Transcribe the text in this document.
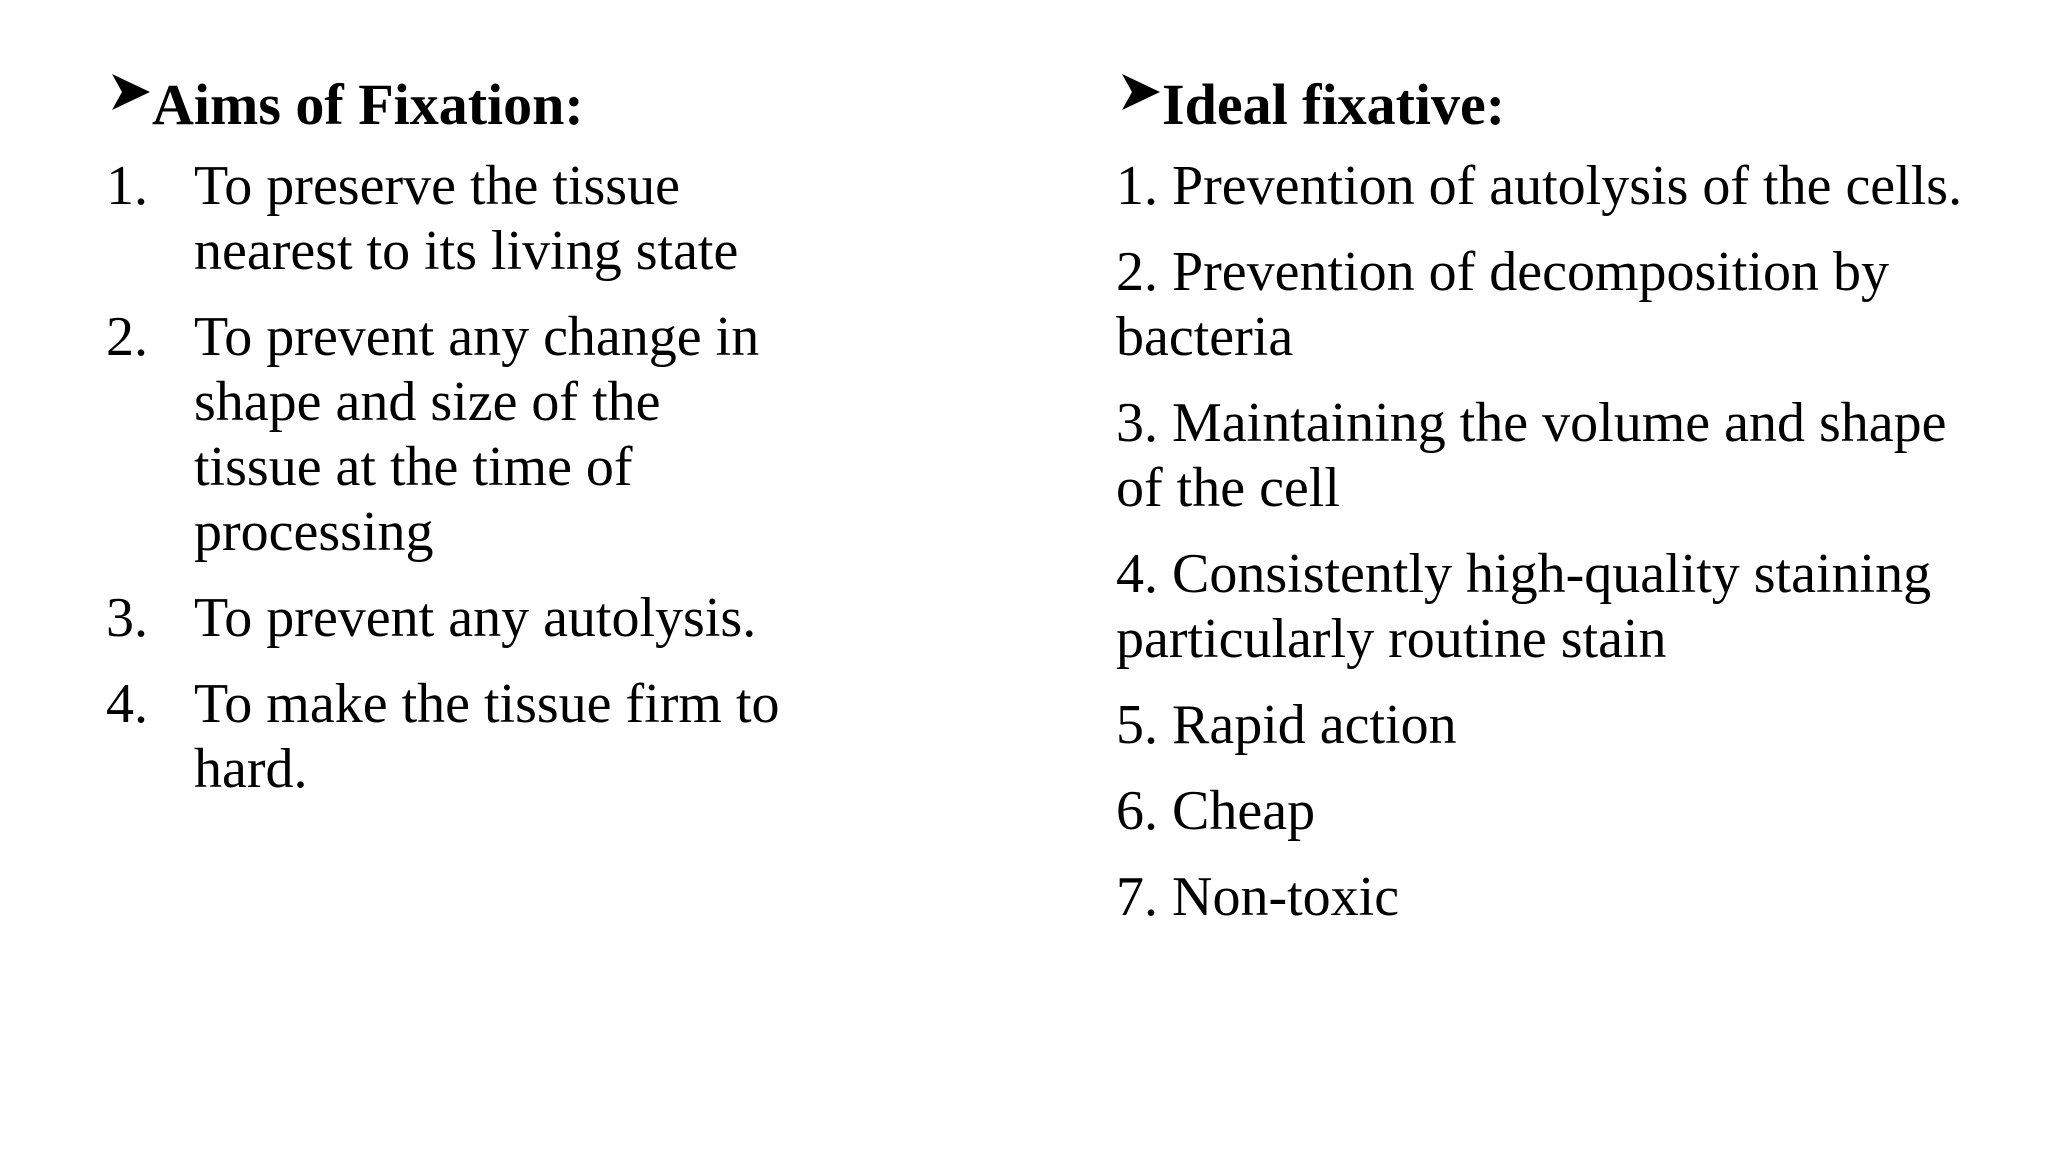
Aims of Fixation:
1. To preserve the tissue nearest to its living state
2. To prevent any change in shape and size of the tissue at the time of processing
3. To prevent any autolysis.
4. To make the tissue firm to hard.
Ideal fixative:
1. Prevention of autolysis of the cells.
2. Prevention of decomposition by bacteria
3. Maintaining the volume and shape of the cell
4. Consistently high-quality staining particularly routine stain
5. Rapid action
6. Cheap
7. Non-toxic
